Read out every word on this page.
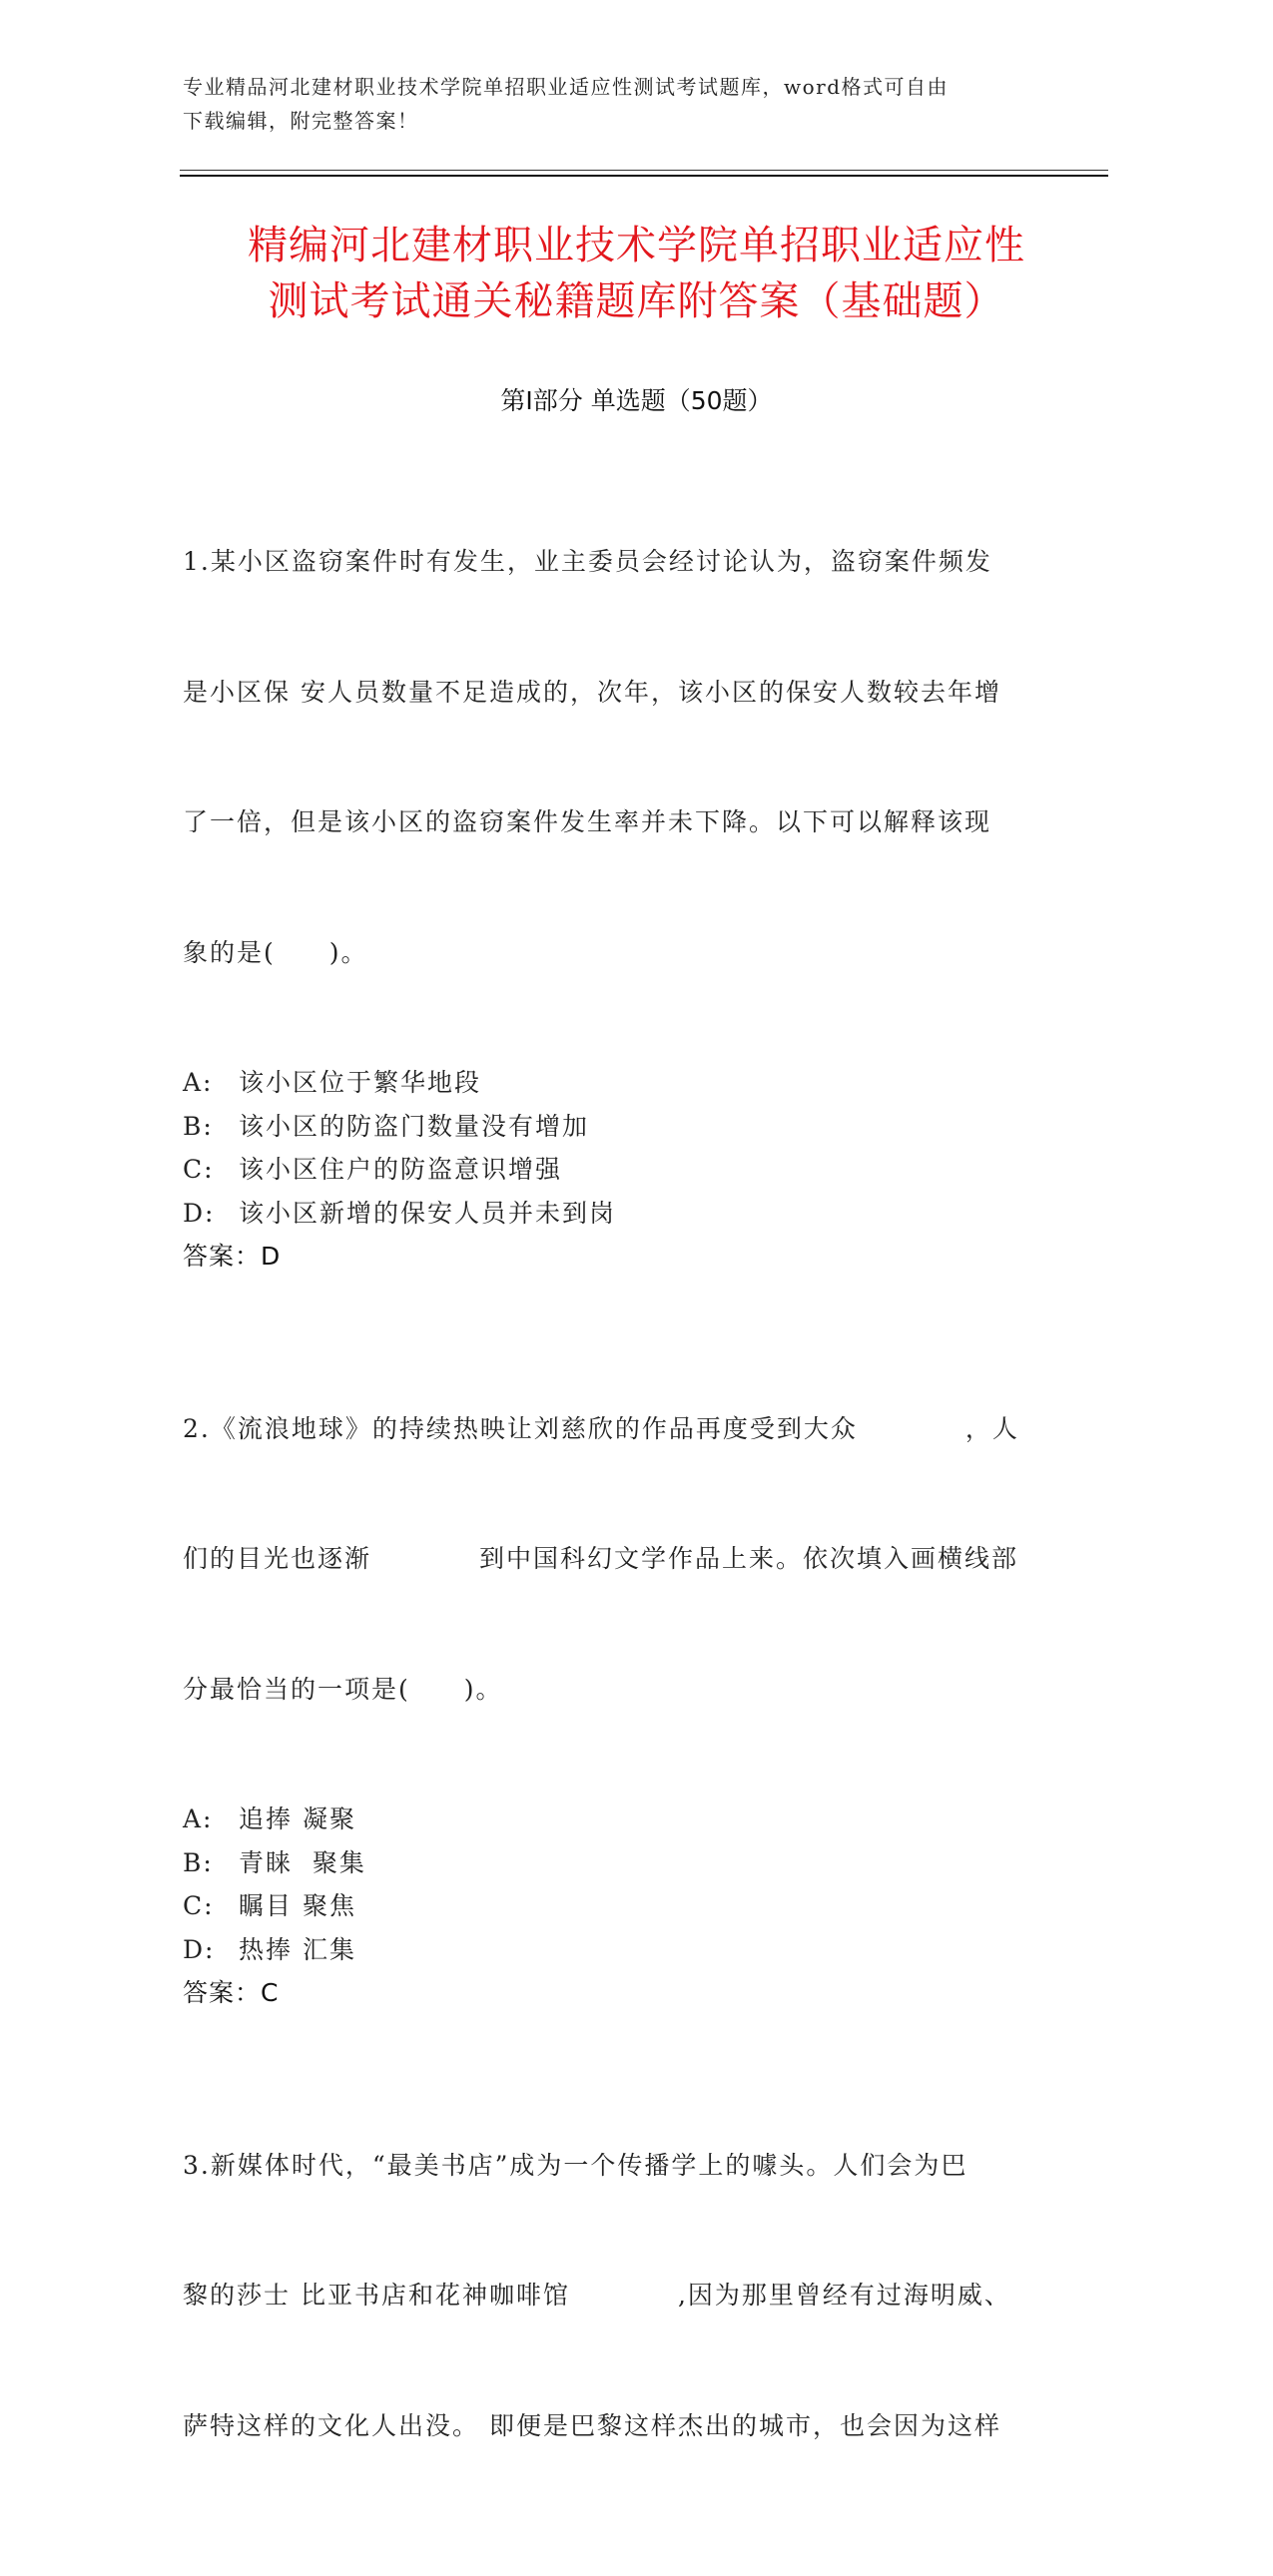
专业精品河北建材职业技术学院单招职业适应性测试考试题库，word格式可自由
下载编辑，附完整答案！
精编河北建材职业技术学院单招职业适应性
测试考试通关秘籍题库附答案（基础题）
第Ⅰ部分 单选题（50题）

1.某小区盗窃案件时有发生，业主委员会经讨论认为，盗窃案件频发

是小区保 安人员数量不足造成的，次年，该小区的保安人数较去年增

了一倍，但是该小区的盗窃案件发生率并未下降。以下可以解释该现

象的是(　　)。

A:	该小区位于繁华地段
B:	该小区的防盗门数量没有增加
C: 该小区住户的防盗意识增强
D: 该小区新增的保安人员并未到岗
答案：D

2.《流浪地球》的持续热映让刘慈欣的作品再度受到大众　　　　，人

们的目光也逐渐　　　　到中国科幻文学作品上来。依次填入画横线部

分最恰当的一项是(　　)。

A:	追捧 凝聚
B:	青睐  聚集
C: 瞩目 聚焦
D: 热捧 汇集
答案：C

3.新媒体时代，“最美书店”成为一个传播学上的噱头。人们会为巴

黎的莎士 比亚书店和花神咖啡馆　　　　,因为那里曾经有过海明威、

萨特这样的文化人出没。 即便是巴黎这样杰出的城市，也会因为这样
